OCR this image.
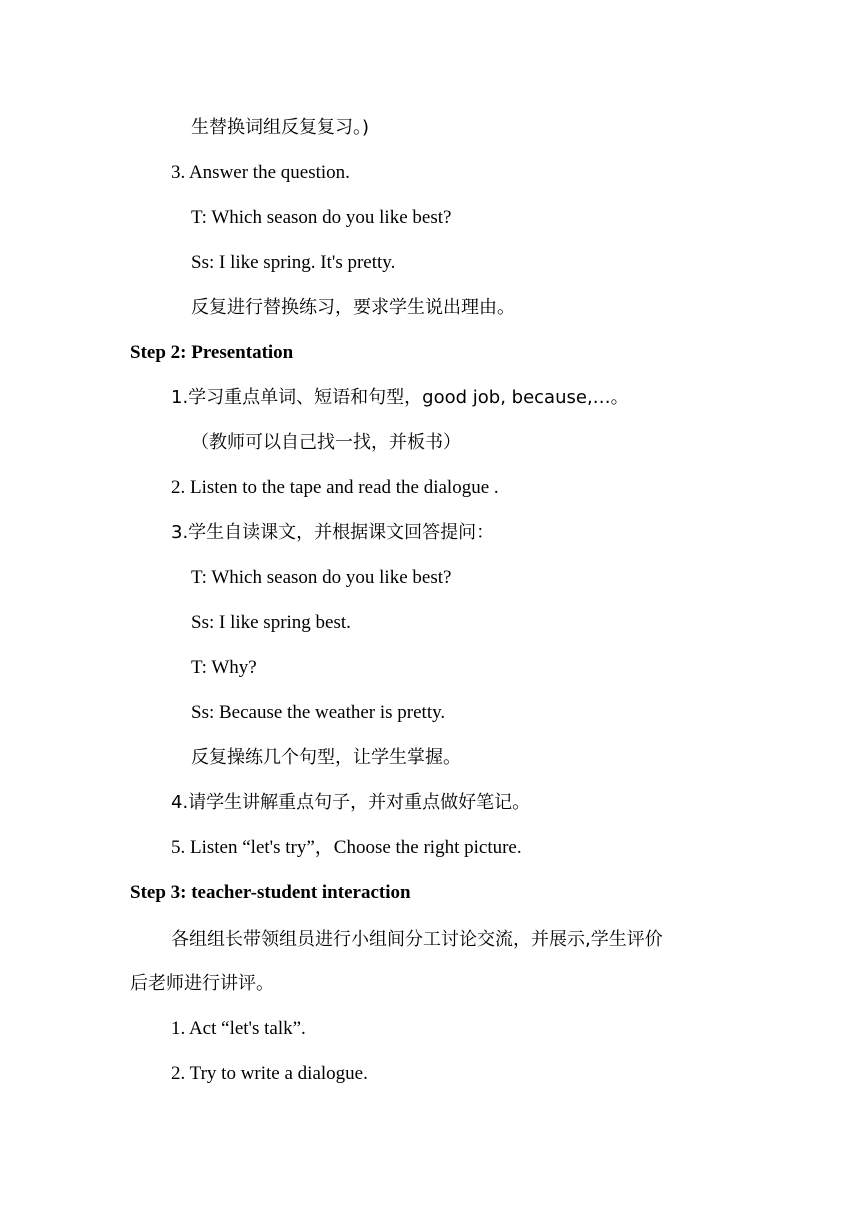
生替换词组反复复习。)
3. Answer the question.
T: Which season do you like best?
Ss: I like spring. It's pretty.
反复进行替换练习，要求学生说出理由。
Step 2: Presentation
1.学习重点单词、短语和句型，good job, because,…。
（教师可以自己找一找，并板书）
2. Listen to the tape and read the dialogue .
3.学生自读课文，并根据课文回答提问：
T: Which season do you like best?
Ss: I like spring best.
T: Why?
Ss: Because the weather is pretty.
反复操练几个句型，让学生掌握。
4.请学生讲解重点句子，并对重点做好笔记。
5. Listen “let's try”，Choose the right picture.
Step 3: teacher-student interaction
各组组长带领组员进行小组间分工讨论交流，并展示,学生评价
后老师进行讲评。
1. Act “let's talk”.
2. Try to write a dialogue.
